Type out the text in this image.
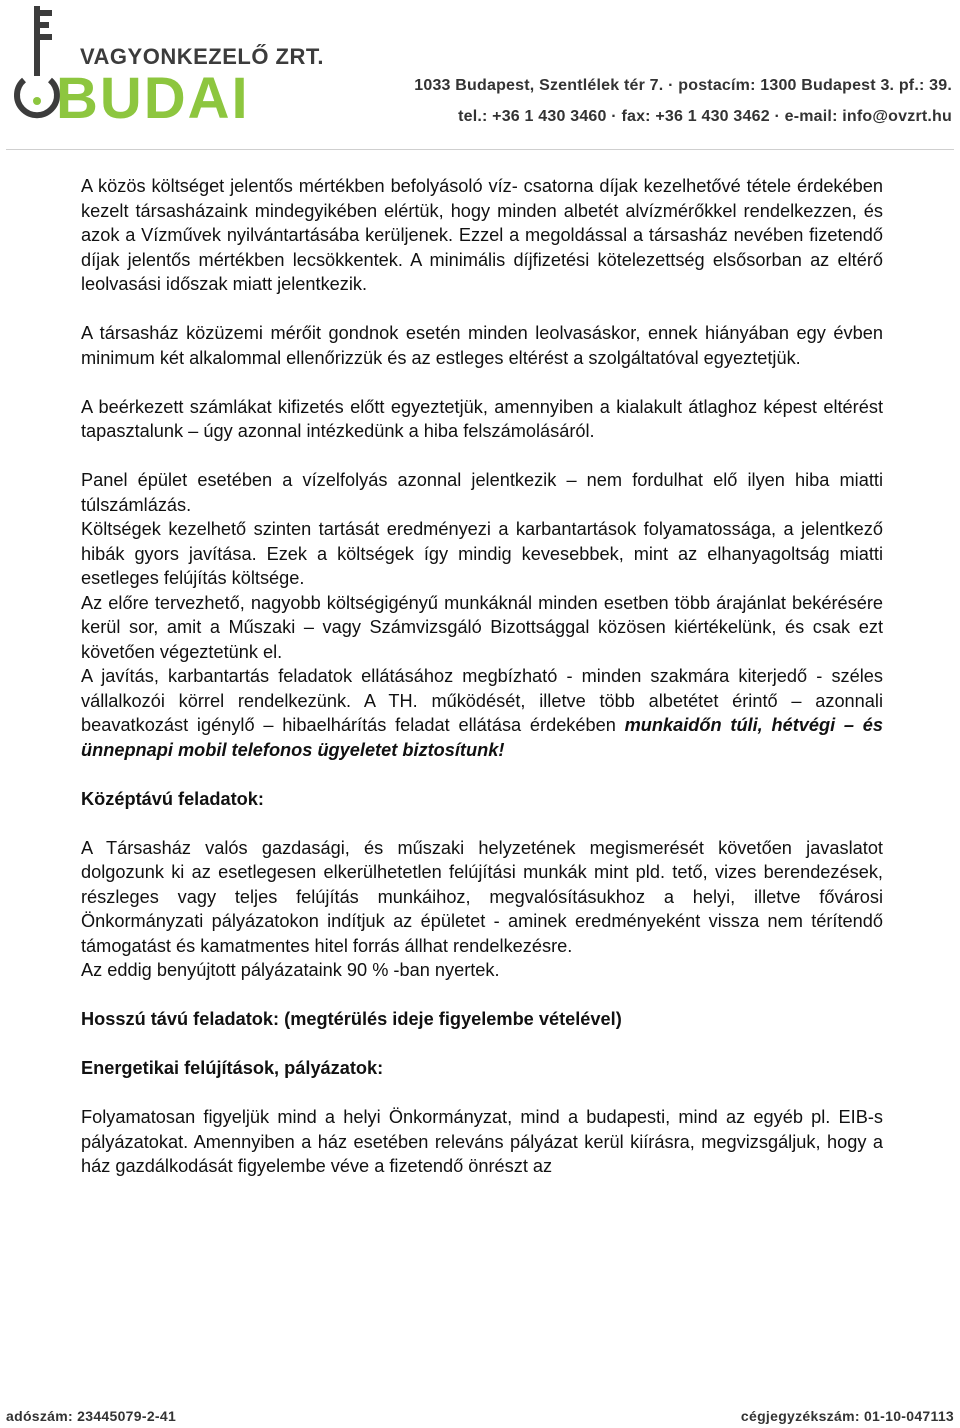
VAGYONKEZELŐ ZRT.
BUDAI	1033 Budapest, Szentlélek tér 7. · postacím: 1300 Budapest 3. pf.: 39.
tel.: +36 1 430 3460 · fax: +36 1 430 3462 · e-mail: info@ovzrt.hu

A közös költséget jelentős mértékben befolyásoló víz- csatorna díjak kezelhetővé tétele érdekében kezelt társasházaink mindegyikében elértük, hogy minden albetét alvízmérőkkel rendelkezzen, és azok a Vízművek nyilvántartásába kerüljenek. Ezzel a megoldással a társasház nevében fizetendő díjak jelentős mértékben lecsökkentek. A minimális díjfizetési kötelezettség elsősorban az eltérő leolvasási időszak miatt jelentkezik.

A társasház közüzemi mérőit gondnok esetén minden leolvasáskor, ennek hiányában egy évben minimum két alkalommal ellenőrizzük és az estleges eltérést a szolgáltatóval egyeztetjük.

A beérkezett számlákat kifizetés előtt egyeztetjük, amennyiben a kialakult átlaghoz képest eltérést tapasztalunk – úgy azonnal intézkedünk a hiba felszámolásáról.

Panel épület esetében a vízelfolyás azonnal jelentkezik – nem fordulhat elő ilyen hiba miatti túlszámlázás.

Költségek kezelhető szinten tartását eredményezi a karbantartások folyamatossága, a jelentkező hibák gyors javítása. Ezek a költségek így mindig kevesebbek, mint az elhanyagoltság miatti esetleges felújítás költsége.

Az előre tervezhető, nagyobb költségigényű munkáknál minden esetben több árajánlat bekérésére kerül sor, amit a Műszaki – vagy Számvizsgáló Bizottsággal közösen kiértékelünk, és csak ezt követően végeztetünk el.

A javítás, karbantartás feladatok ellátásához megbízható - minden szakmára kiterjedő - széles vállalkozói körrel rendelkezünk. A TH. működését, illetve több albetétet érintő – azonnali beavatkozást igénylő – hibaelhárítás feladat ellátása érdekében munkaidőn túli, hétvégi – és ünnepnapi mobil telefonos ügyeletet biztosítunk!

Középtávú feladatok:

A Társasház valós gazdasági, és műszaki helyzetének megismerését követően javaslatot dolgozunk ki az esetlegesen elkerülhetetlen felújítási munkák mint pld. tető, vizes berendezések, részleges vagy teljes felújítás munkáihoz, megvalósításukhoz a helyi, illetve fővárosi Önkormányzati pályázatokon indítjuk az épületet - aminek eredményeként vissza nem térítendő támogatást és kamatmentes hitel forrás állhat rendelkezésre.

Az eddig benyújtott pályázataink 90 % -ban nyertek.

Hosszú távú feladatok: (megtérülés ideje figyelembe vételével)

Energetikai felújítások, pályázatok:

Folyamatosan figyeljük mind a helyi Önkormányzat, mind a budapesti, mind az egyéb pl. EIB-s pályázatokat. Amennyiben a ház esetében releváns pályázat kerül kiírásra, megvizsgáljuk, hogy a ház gazdálkodását figyelembe véve a fizetendő önrészt az

adószám: 23445079-2-41	cégjegyzékszám: 01-10-047113
